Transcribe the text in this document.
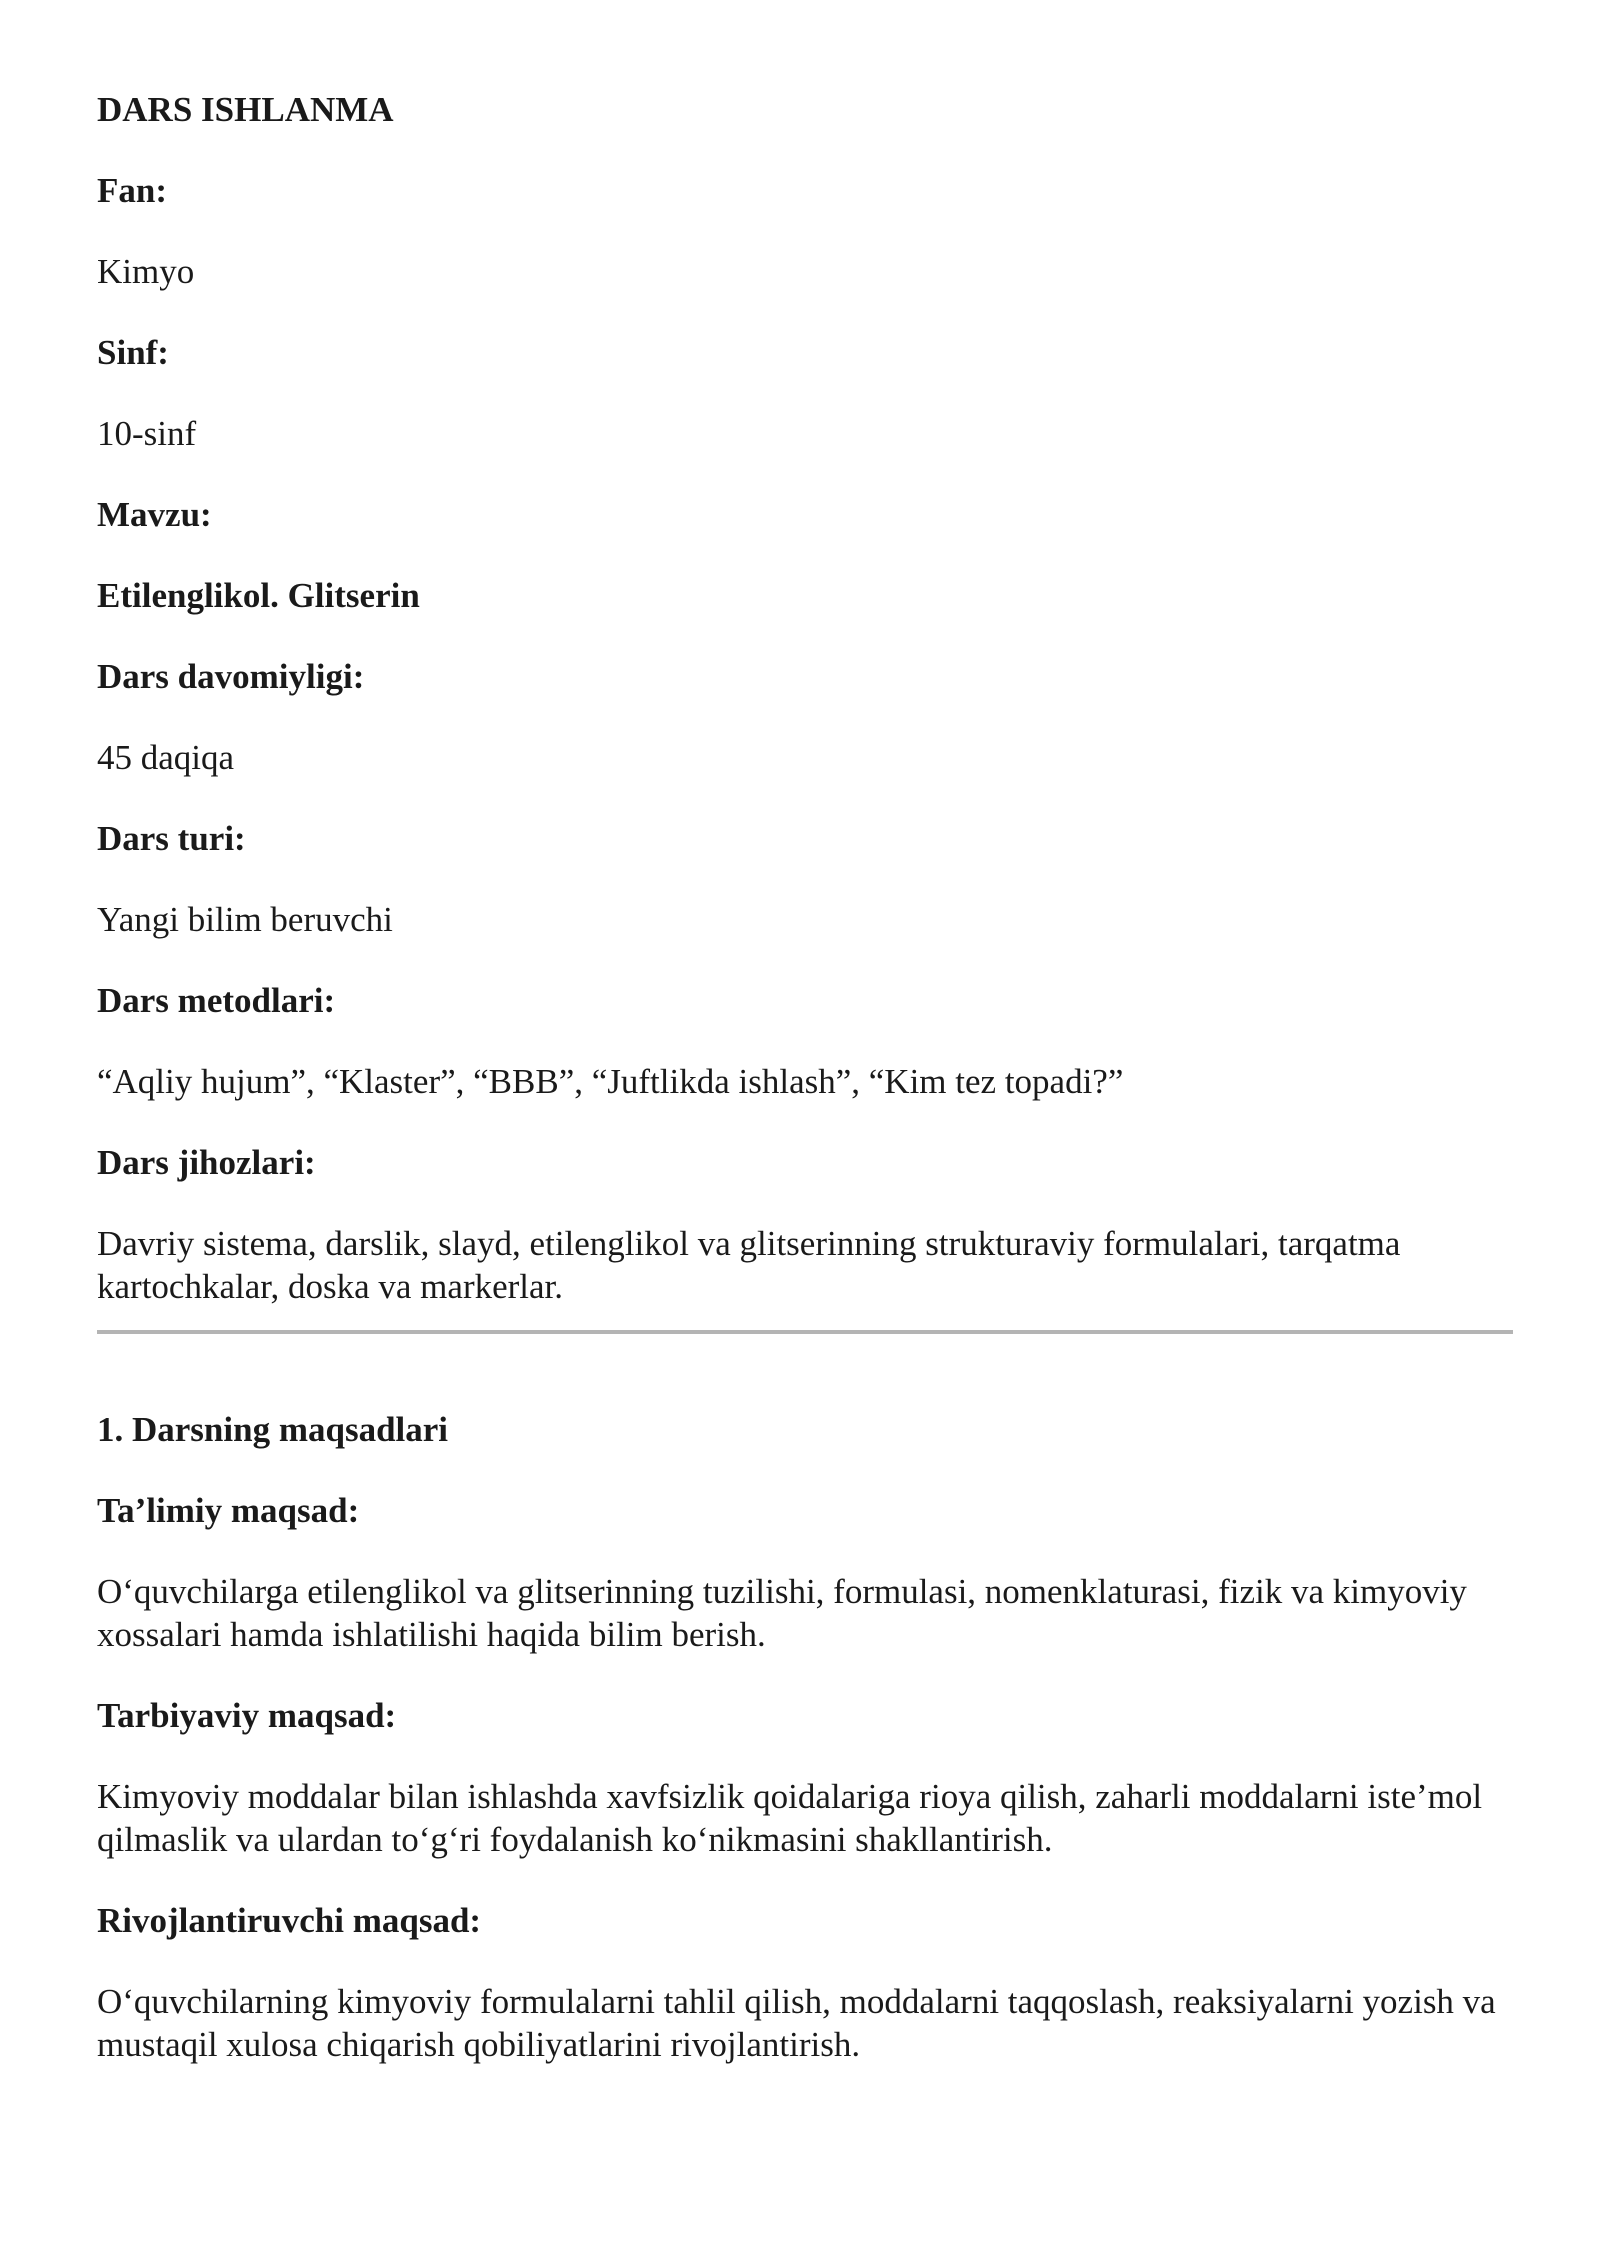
DARS ISHLANMA

Fan:

Kimyo

Sinf:

10-sinf

Mavzu:

Etilenglikol. Glitserin

Dars davomiyligi:

45 daqiqa

Dars turi:

Yangi bilim beruvchi

Dars metodlari:

“Aqliy hujum”, “Klaster”, “BBB”, “Juftlikda ishlash”, “Kim tez topadi?”

Dars jihozlari:

Davriy sistema, darslik, slayd, etilenglikol va glitserinning strukturaviy formulalari, tarqatma kartochkalar, doska va markerlar.

1. Darsning maqsadlari

Ta’limiy maqsad:

O‘quvchilarga etilenglikol va glitserinning tuzilishi, formulasi, nomenklaturasi, fizik va kimyoviy xossalari hamda ishlatilishi haqida bilim berish.

Tarbiyaviy maqsad:

Kimyoviy moddalar bilan ishlashda xavfsizlik qoidalariga rioya qilish, zaharli moddalarni iste’mol qilmaslik va ulardan to‘g‘ri foydalanish ko‘nikmasini shakllantirish.

Rivojlantiruvchi maqsad:

O‘quvchilarning kimyoviy formulalarni tahlil qilish, moddalarni taqqoslash, reaksiyalarni yozish va mustaqil xulosa chiqarish qobiliyatlarini rivojlantirish.
